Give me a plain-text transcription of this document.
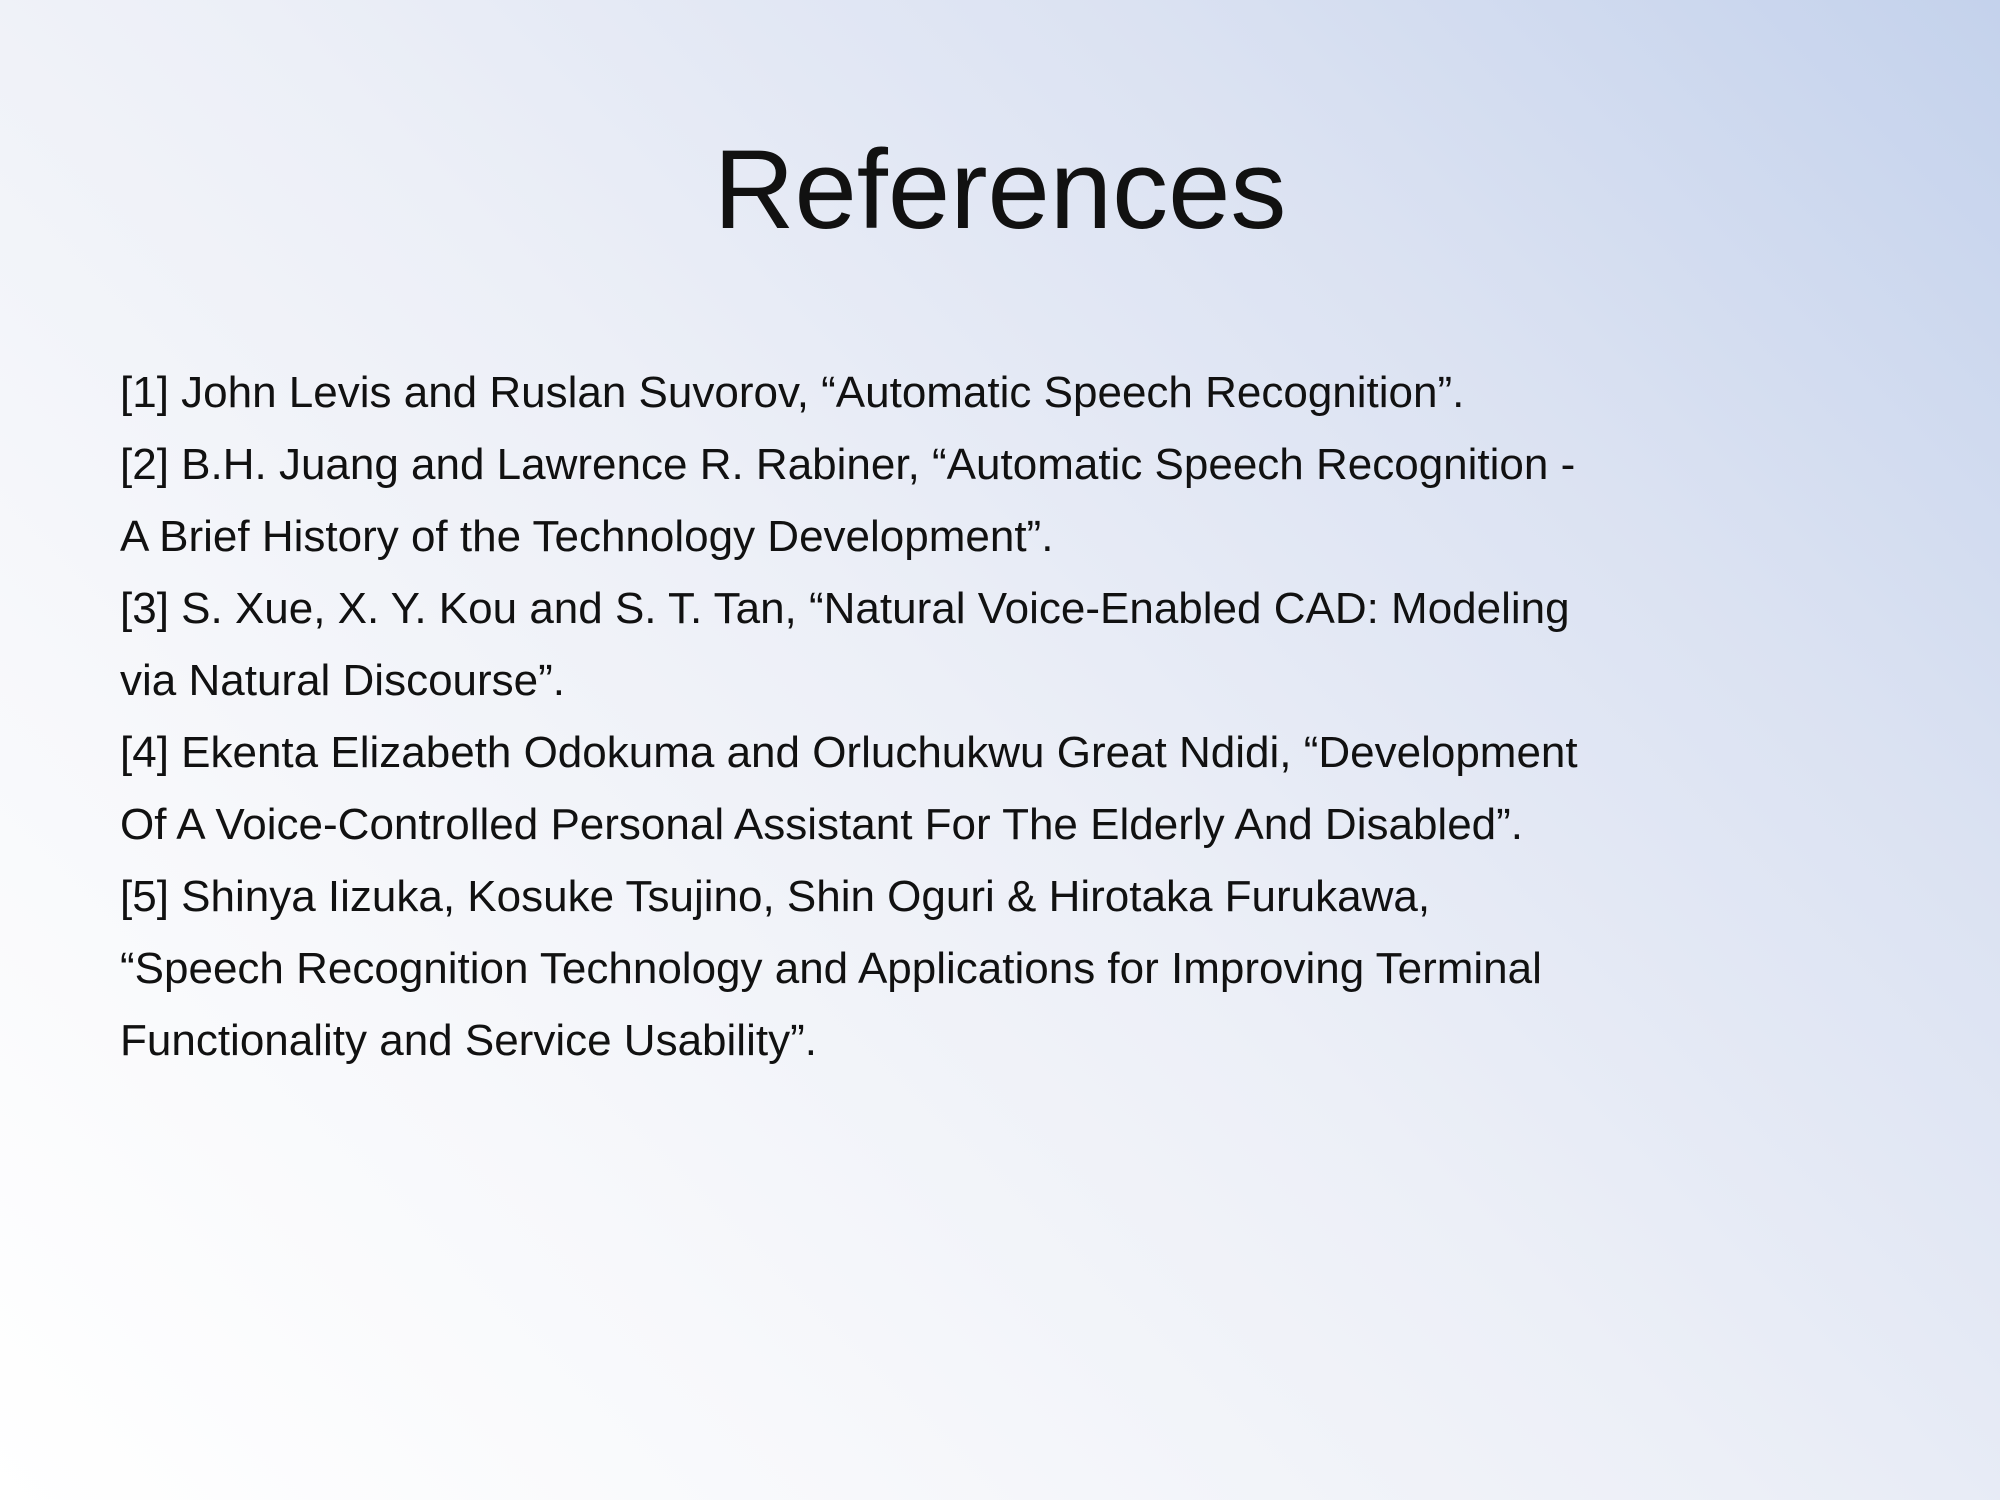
References
[1] John Levis and Ruslan Suvorov, “Automatic Speech Recognition”.
[2] B.H. Juang and Lawrence R. Rabiner, “Automatic Speech Recognition - A Brief History of the Technology Development”.
[3] S. Xue, X. Y. Kou and S. T. Tan, “Natural Voice-Enabled CAD: Modeling via Natural Discourse”.
[4] Ekenta Elizabeth Odokuma and Orluchukwu Great Ndidi, “Development Of A Voice-Controlled Personal Assistant For The Elderly And Disabled”.
[5] Shinya Iizuka, Kosuke Tsujino, Shin Oguri & Hirotaka Furukawa, “Speech Recognition Technology and Applications for Improving Terminal Functionality and Service Usability”.
